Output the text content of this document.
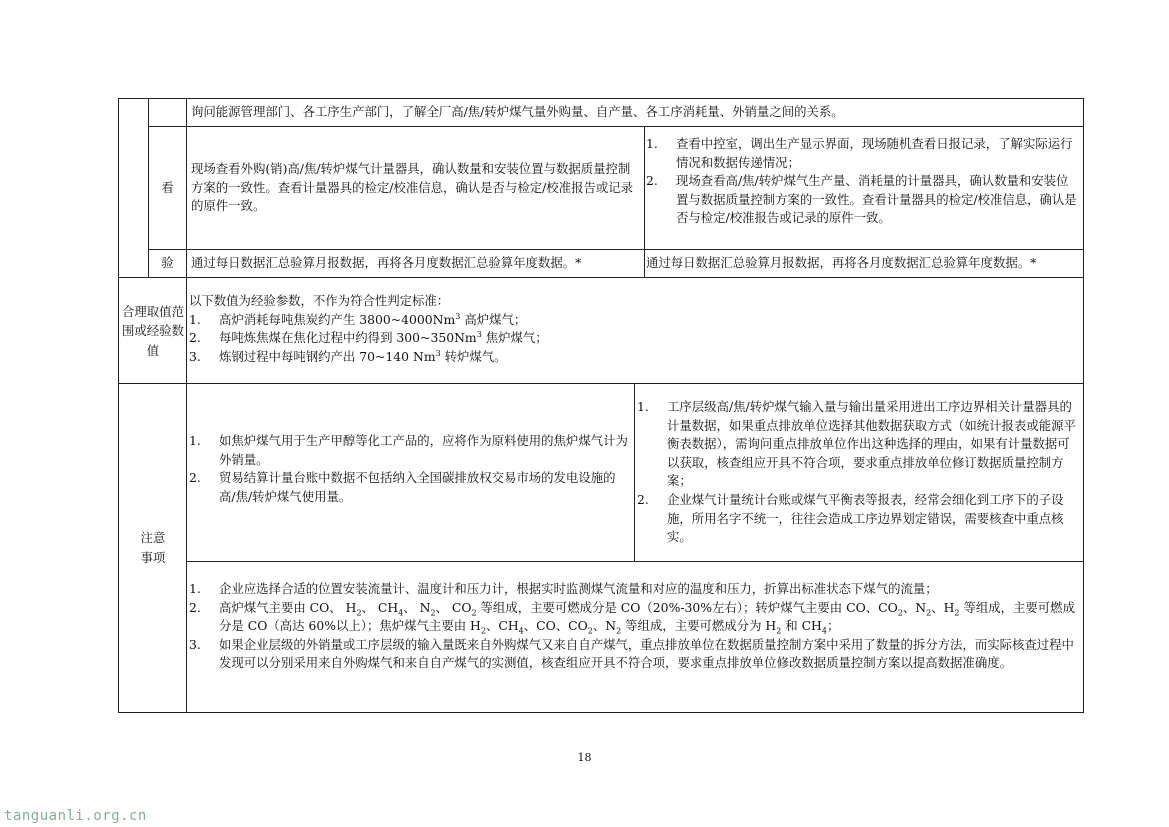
询问能源管理部门、各工序生产部门，了解全厂高/焦/转炉煤气量外购量、自产量、各工序消耗量、外销量之间的关系。
看
现场查看外购(销)高/焦/转炉煤气计量器具，确认数量和安装位置与数据质量控制方案的一致性。查看计量器具的检定/校准信息，确认是否与检定/校准报告或记录的原件一致。
1. 查看中控室，调出生产显示界面，现场随机查看日报记录，了解实际运行情况和数据传递情况；
2. 现场查看高/焦/转炉煤气生产量、消耗量的计量器具，确认数量和安装位置与数据质量控制方案的一致性。查看计量器具的检定/校准信息，确认是否与检定/校准报告或记录的原件一致。
验 通过每日数据汇总验算月报数据，再将各月度数据汇总验算年度数据。*	通过每日数据汇总验算月报数据，再将各月度数据汇总验算年度数据。*
合理取值范围或经验数值
以下数值为经验参数，不作为符合性判定标准：
1. 高炉消耗每吨焦炭约产生 3800~4000Nm$^3$ 高炉煤气；
2. 每吨炼焦煤在焦化过程中约得到 300~350Nm$^3$ 焦炉煤气；
3. 炼钢过程中每吨钢约产出 70~140 Nm$^3$ 转炉煤气。
注意事项
1. 如焦炉煤气用于生产甲醇等化工产品的，应将作为原料使用的焦炉煤气计为外销量。
2. 贸易结算计量台账中数据不包括纳入全国碳排放权交易市场的发电设施的高/焦/转炉煤气使用量。
1. 工序层级高/焦/转炉煤气输入量与输出量采用进出工序边界相关计量器具的计量数据，如果重点排放单位选择其他数据获取方式（如统计报表或能源平衡表数据），需询问重点排放单位作出这种选择的理由，如果有计量数据可以获取，核查组应开具不符合项，要求重点排放单位修订数据质量控制方案；
2. 企业煤气计量统计台账或煤气平衡表等报表，经常会细化到工序下的子设施，所用名字不统一，往往会造成工序边界划定错误，需要核查中重点核实。
1. 企业应选择合适的位置安装流量计、温度计和压力计，根据实时监测煤气流量和对应的温度和压力，折算出标准状态下煤气的流量；
2. 高炉煤气主要由 CO、 $H_2$、 $CH_4$、 $N_2$、 $CO_2$ 等组成，主要可燃成分是 CO（20%-30%左右）；转炉煤气主要由 CO、$CO_2$、$N_2$、$H_2$ 等组成，主要可燃成分是 CO（高达 60%以上）；焦炉煤气主要由 $H_2$、$CH_4$、CO、$CO_2$、$N_2$ 等组成，主要可燃成分为 $H_2$ 和 $CH_4$；
3. 如果企业层级的外销量或工序层级的输入量既来自外购煤气又来自自产煤气，重点排放单位在数据质量控制方案中采用了数量的拆分方法，而实际核查过程中发现可以分别采用来自外购煤气和来自自产煤气的实测值，核查组应开具不符合项，要求重点排放单位修改数据质量控制方案以提高数据准确度。
18
tanguanli.org.cn
